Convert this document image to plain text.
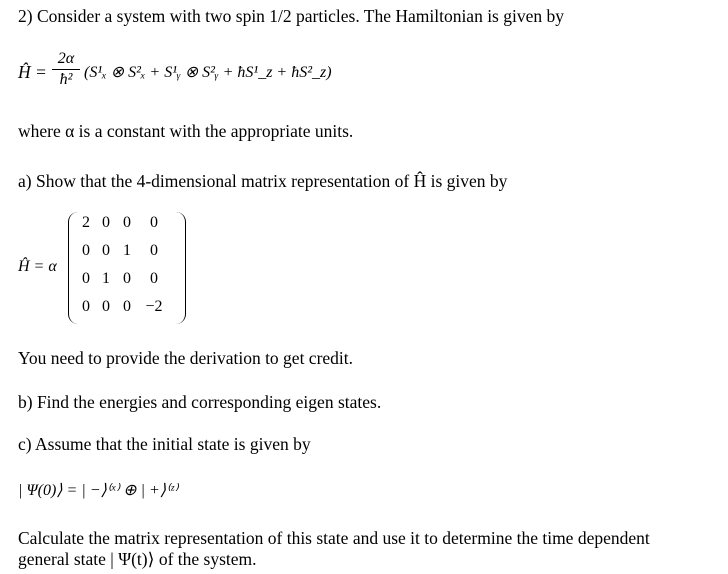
2) Consider a system with two spin 1/2 particles. The Hamiltonian is given by
Ĥ =
2α
ħ² (S¹ₓ ⊗ S²ₓ + S¹ᵧ ⊗ S²ᵧ + ħS¹_z + ħS²_z)
where α is a constant with the appropriate units.
a) Show that the 4-dimensional matrix representation of Ĥ is given by
Ĥ = α
2 0 0	0
0 0 1	0
0 1 0	0
0 0 0 −2
You need to provide the derivation to get credit.
b) Find the energies and corresponding eigen states.
c) Assume that the initial state is given by
| Ψ(0)⟩ = | −⟩⁽ˣ⁾ ⊕ | +⟩⁽ᶻ⁾
Calculate the matrix representation of this state and use it to determine the time dependent
general state | Ψ(t)⟩ of the system.
